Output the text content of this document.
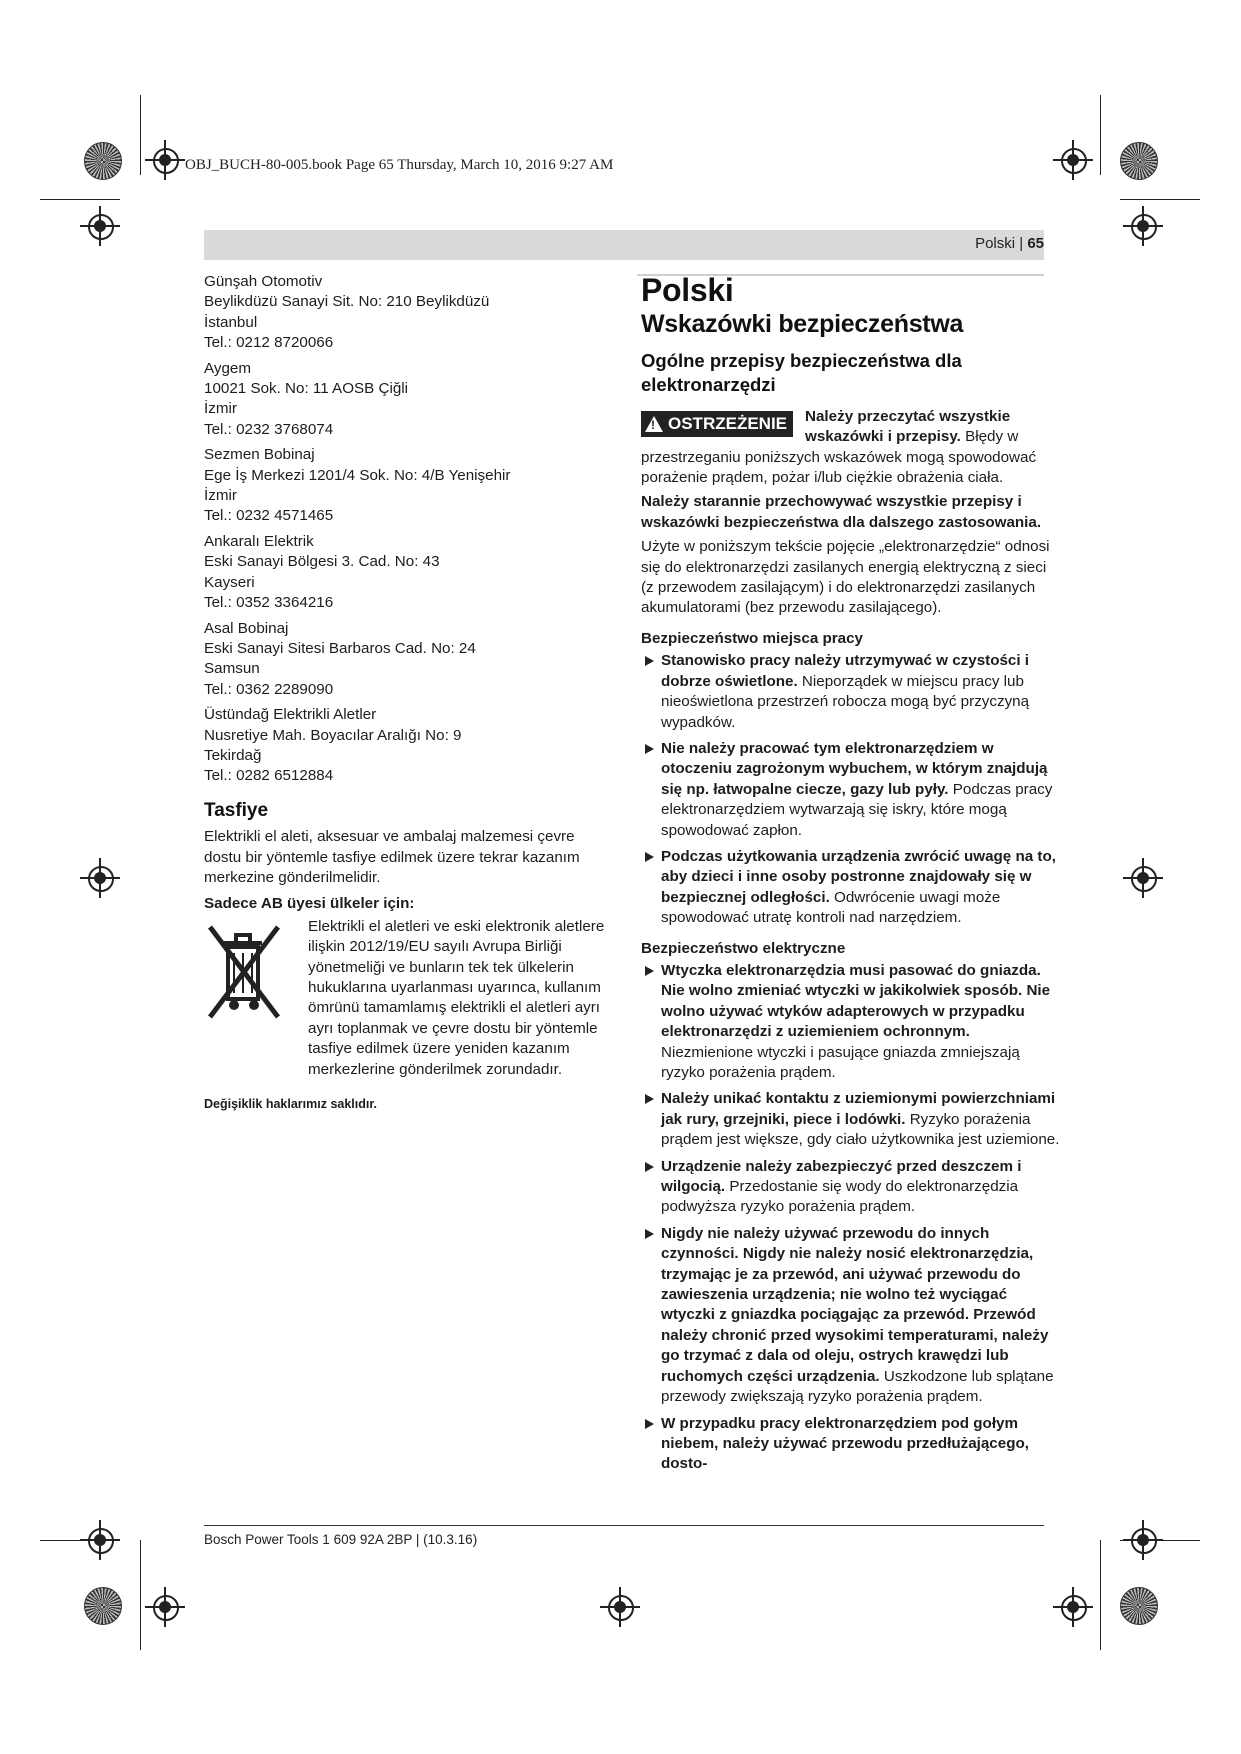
OBJ_BUCH-80-005.book Page 65 Thursday, March 10, 2016 9:27 AM
Polski | 65
Günşah Otomotiv
Beylikdüzü Sanayi Sit. No: 210 Beylikdüzü
İstanbul
Tel.: 0212 8720066
Aygem
10021 Sok. No: 11 AOSB Çiğli
İzmir
Tel.: 0232 3768074
Sezmen Bobinaj
Ege İş Merkezi 1201/4 Sok. No: 4/B Yenişehir
İzmir
Tel.: 0232 4571465
Ankaralı Elektrik
Eski Sanayi Bölgesi 3. Cad. No: 43
Kayseri
Tel.: 0352 3364216
Asal Bobinaj
Eski Sanayi Sitesi Barbaros Cad. No: 24
Samsun
Tel.: 0362 2289090
Üstündağ Elektrikli Aletler
Nusretiye Mah. Boyacılar Aralığı No: 9
Tekirdağ
Tel.: 0282 6512884
Tasfiye

Elektrikli el aleti, aksesuar ve ambalaj malzemesi çevre dostu bir yöntemle tasfiye edilmek üzere tekrar kazanım merkezine gönderilmelidir.

Sadece AB üyesi ülkeler için:

Elektrikli el aletleri ve eski elektronik aletlere ilişkin 2012/19/EU sayılı Avrupa Birliği yönetmeliği ve bunların tek tek ülkelerin hukuklarına uyarlanması uyarınca, kullanım ömrünü tamamlamış elektrikli el aletleri ayrı ayrı toplanmak ve çevre dostu bir yöntemle tasfiye edilmek üzere yeniden kazanım merkezlerine gönderilmek zorundadır.
Değişiklik haklarımız saklıdır.
Polski
Wskazówki bezpieczeństwa
Ogólne przepisy bezpieczeństwa dla elektronarzędzi
! OSTRZEŻENIE	Należy przeczytać wszystkie wskazówki i przepisy. Błędy w przestrzeganiu poniższych wskazówek mogą spowodować porażenie prądem, pożar i/lub ciężkie obrażenia ciała.

Należy starannie przechowywać wszystkie przepisy i wskazówki bezpieczeństwa dla dalszego zastosowania.

Użyte w poniższym tekście pojęcie „elektronarzędzie“ odnosi się do elektronarzędzi zasilanych energią elektryczną z sieci (z przewodem zasilającym) i do elektronarzędzi zasilanych akumulatorami (bez przewodu zasilającego).

Bezpieczeństwo miejsca pracy
Stanowisko pracy należy utrzymywać w czystości i dobrze oświetlone. Nieporządek w miejscu pracy lub nieoświetlona przestrzeń robocza mogą być przyczyną wypadków.
Nie należy pracować tym elektronarzędziem w otoczeniu zagrożonym wybuchem, w którym znajdują się np. łatwopalne ciecze, gazy lub pyły. Podczas pracy elektronarzędziem wytwarzają się iskry, które mogą spowodować zapłon.
Podczas użytkowania urządzenia zwrócić uwagę na to, aby dzieci i inne osoby postronne znajdowały się w bezpiecznej odległości. Odwrócenie uwagi może spowodować utratę kontroli nad narzędziem.
Bezpieczeństwo elektryczne
Wtyczka elektronarzędzia musi pasować do gniazda. Nie wolno zmieniać wtyczki w jakikolwiek sposób. Nie wolno używać wtyków adapterowych w przypadku elektronarzędzi z uziemieniem ochronnym. Niezmienione wtyczki i pasujące gniazda zmniejszają ryzyko porażenia prądem.
Należy unikać kontaktu z uziemionymi powierzchniami jak rury, grzejniki, piece i lodówki. Ryzyko porażenia prądem jest większe, gdy ciało użytkownika jest uziemione.
Urządzenie należy zabezpieczyć przed deszczem i wilgocią. Przedostanie się wody do elektronarzędzia podwyższa ryzyko porażenia prądem.
Nigdy nie należy używać przewodu do innych czynności. Nigdy nie należy nosić elektronarzędzia, trzymając je za przewód, ani używać przewodu do zawieszenia urządzenia; nie wolno też wyciągać wtyczki z gniazdka pociągając za przewód. Przewód należy chronić przed wysokimi temperaturami, należy go trzymać z dala od oleju, ostrych krawędzi lub ruchomych części urządzenia. Uszkodzone lub splątane przewody zwiększają ryzyko porażenia prądem.
W przypadku pracy elektronarzędziem pod gołym niebem, należy używać przewodu przedłużającego, dosto-
Bosch Power Tools 1 609 92A 2BP | (10.3.16)
